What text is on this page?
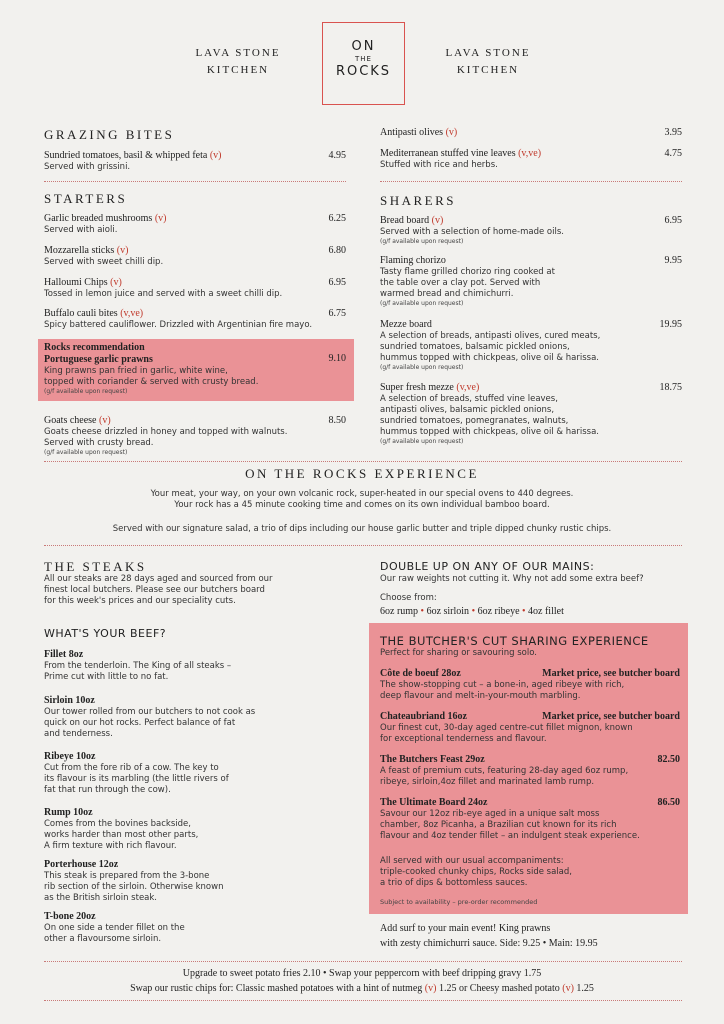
LAVA STONE
KITCHEN
ON
THE
ROCKS
LAVA STONE
KITCHEN
GRAZING BITES
Sundried tomatoes, basil & whipped feta (v)
Served with grissini.
4.95
Antipasti olives (v)	3.95
Mediterranean stuffed vine leaves (v,ve)
Stuffed with rice and herbs.
4.75
STARTERS
Garlic breaded mushrooms (v)
Served with aioli.
6.25
Mozzarella sticks (v)
Served with sweet chilli dip.
6.80
Halloumi Chips (v)
Tossed in lemon juice and served with a sweet chilli dip.
6.95
Buffalo cauli bites (v,ve)
Spicy battered cauliflower. Drizzled with Argentinian fire mayo.
6.75
Rocks recommendation
Portuguese garlic prawns
King prawns pan fried in garlic, white wine,
topped with coriander & served with crusty bread.
(g/f available upon request)
9.10
Goats cheese (v)
Goats cheese drizzled in honey and topped with walnuts.
Served with crusty bread.
(g/f available upon request)
8.50
SHARERS
Bread board (v)
Served with a selection of home-made oils.
(g/f available upon request)
6.95
Flaming chorizo
Tasty flame grilled chorizo ring cooked at
the table over a clay pot. Served with
warmed bread and chimichurri.
(g/f available upon request)
9.95
Mezze board
A selection of breads, antipasti olives, cured meats,
sundried tomatoes, balsamic pickled onions,
hummus topped with chickpeas, olive oil & harissa.
(g/f available upon request)
19.95
Super fresh mezze (v,ve)
A selection of breads, stuffed vine leaves,
antipasti olives, balsamic pickled onions,
sundried tomatoes, pomegranates, walnuts,
hummus topped with chickpeas, olive oil & harissa.
(g/f available upon request)
18.75
ON THE ROCKS EXPERIENCE
Your meat, your way, on your own volcanic rock, super-heated in our special ovens to 440 degrees.
Your rock has a 45 minute cooking time and comes on its own individual bamboo board.
Served with our signature salad, a trio of dips including our house garlic butter and triple dipped chunky rustic chips.
THE STEAKS
All our steaks are 28 days aged and sourced from our
finest local butchers. Please see our butchers board
for this week's prices and our speciality cuts.
WHAT'S YOUR BEEF?
Fillet 8oz
From the tenderloin. The King of all steaks –
Prime cut with little to no fat.
Sirloin 10oz
Our tower rolled from our butchers to not cook as
quick on our hot rocks. Perfect balance of fat
and tenderness.
Ribeye 10oz
Cut from the fore rib of a cow. The key to
its flavour is its marbling (the little rivers of
fat that run through the cow).
Rump 10oz
Comes from the bovines backside,
works harder than most other parts,
A firm texture with rich flavour.
Porterhouse 12oz
This steak is prepared from the 3-bone
rib section of the sirloin. Otherwise known
as the British sirloin steak.
T-bone 20oz
On one side a tender fillet on the
other a flavoursome sirloin.
DOUBLE UP ON ANY OF OUR MAINS:
Our raw weights not cutting it. Why not add some extra beef?
Choose from:
6oz rump • 6oz sirloin • 6oz ribeye • 4oz fillet
THE BUTCHER'S CUT SHARING EXPERIENCE
Perfect for sharing or savouring solo.
Côte de boeuf 28oz
The show-stopping cut – a bone-in, aged ribeye with rich,
deep flavour and melt-in-your-mouth marbling.
Market price, see butcher board
Chateaubriand 16oz
Our finest cut, 30-day aged centre-cut fillet mignon, known
for exceptional tenderness and flavour.
Market price, see butcher board
The Butchers Feast 29oz
A feast of premium cuts, featuring 28-day aged 6oz rump,
ribeye, sirloin,4oz fillet and marinated lamb rump.
82.50
The Ultimate Board 24oz
Savour our 12oz rib-eye aged in a unique salt moss
chamber, 8oz Picanha, a Brazilian cut known for its rich
flavour and 4oz tender fillet – an indulgent steak experience.
86.50
All served with our usual accompaniments:
triple-cooked chunky chips, Rocks side salad,
a trio of dips & bottomless sauces.
Subject to availability – pre-order recommended
Add surf to your main event! King prawns
with zesty chimichurri sauce. Side: 9.25 • Main: 19.95
Upgrade to sweet potato fries 2.10 • Swap your peppercorn with beef dripping gravy 1.75
Swap our rustic chips for: Classic mashed potatoes with a hint of nutmeg (v) 1.25 or Cheesy mashed potato (v) 1.25
